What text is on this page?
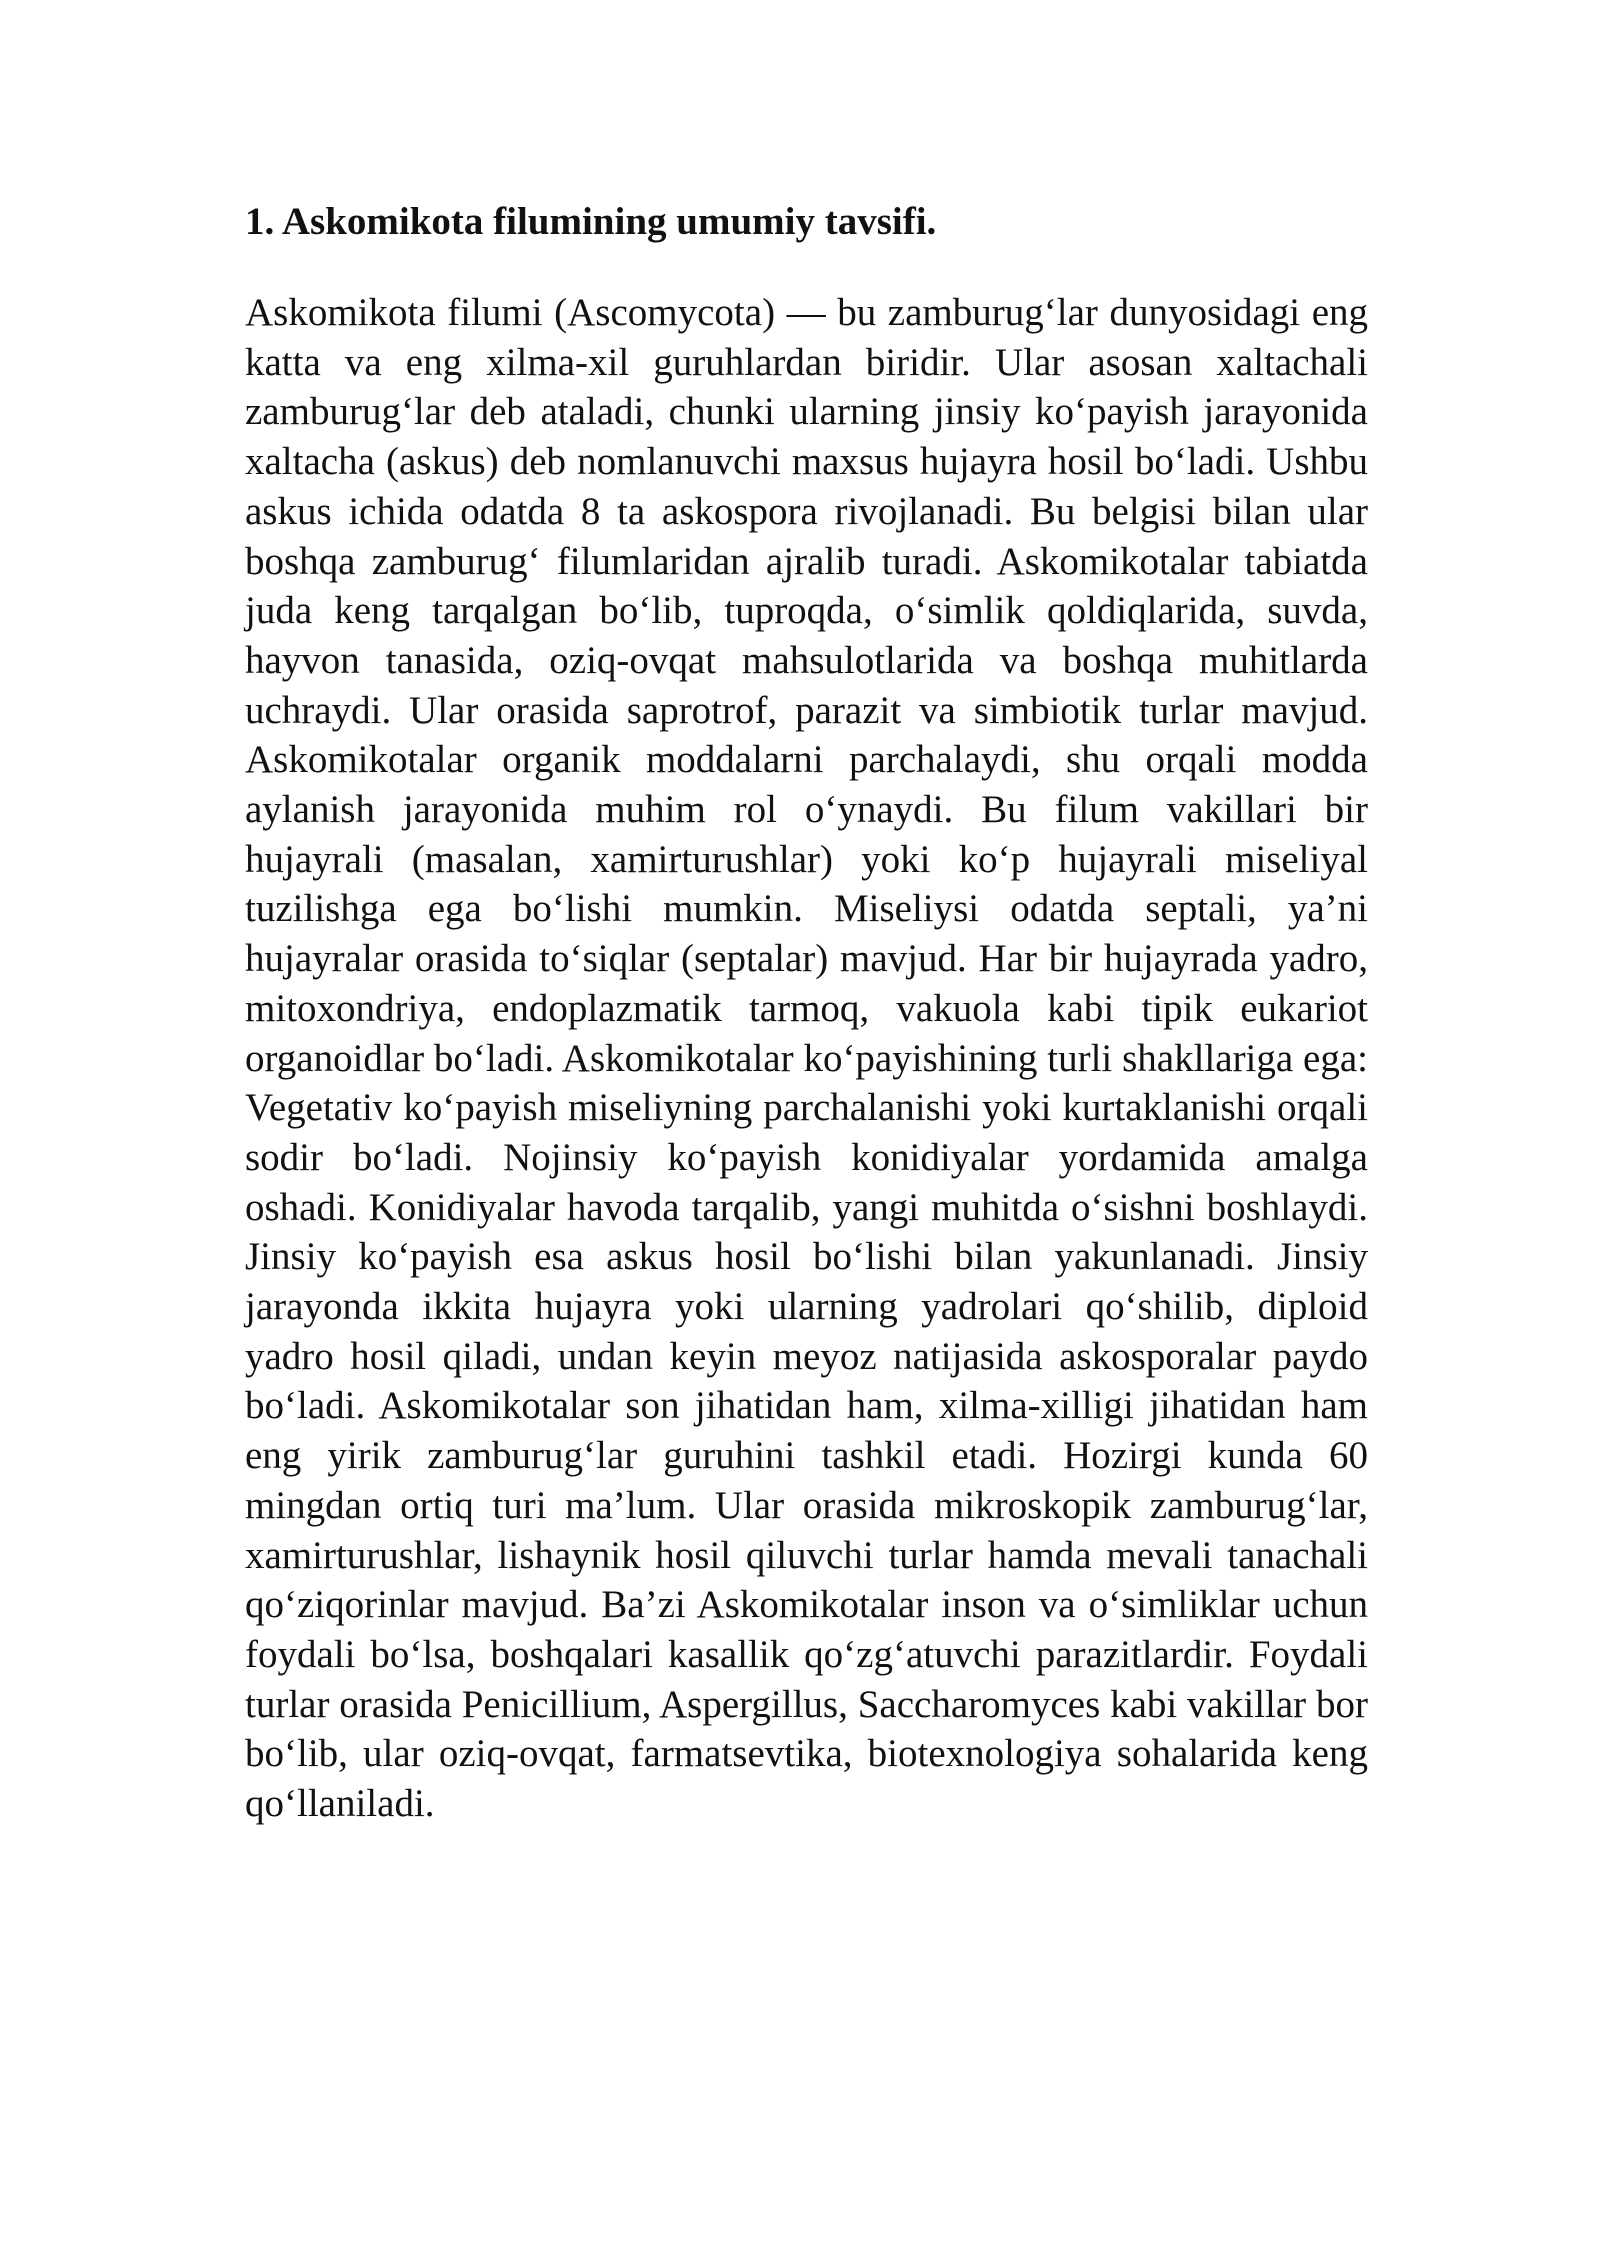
1. Askomikota filumining umumiy tavsifi.

Askomikota filumi (Ascomycota) — bu zamburug‘lar dunyosidagi eng katta va eng xilma-xil guruhlardan biridir. Ular asosan xaltachali zamburug‘lar deb ataladi, chunki ularning jinsiy ko‘payish jarayonida xaltacha (askus) deb nomlanuvchi maxsus hujayra hosil bo‘ladi. Ushbu askus ichida odatda 8 ta askospora rivojlanadi. Bu belgisi bilan ular boshqa zamburug‘ filumlaridan ajralib turadi. Askomikotalar tabiatda juda keng tarqalgan bo‘lib, tuproqda, o‘simlik qoldiqlarida, suvda, hayvon tanasida, oziq-ovqat mahsulotlarida va boshqa muhitlarda uchraydi. Ular orasida saprotrof, parazit va simbiotik turlar mavjud. Askomikotalar organik moddalarni parchalaydi, shu orqali modda aylanish jarayonida muhim rol o‘ynaydi. Bu filum vakillari bir hujayrali (masalan, xamirturushlar) yoki ko‘p hujayrali miseliyal tuzilishga ega bo‘lishi mumkin. Miseliysi odatda septali, ya’ni hujayralar orasida to‘siqlar (septalar) mavjud. Har bir hujayrada yadro, mitoxondriya, endoplazmatik tarmoq, vakuola kabi tipik eukariot organoidlar bo‘ladi. Askomikotalar ko‘payishining turli shakllariga ega: Vegetativ ko‘payish miseliyning parchalanishi yoki kurtaklanishi orqali sodir bo‘ladi. Nojinsiy ko‘payish konidiyalar yordamida amalga oshadi. Konidiyalar havoda tarqalib, yangi muhitda o‘sishni boshlaydi. Jinsiy ko‘payish esa askus hosil bo‘lishi bilan yakunlanadi. Jinsiy jarayonda ikkita hujayra yoki ularning yadrolari qo‘shilib, diploid yadro hosil qiladi, undan keyin meyoz natijasida askosporalar paydo bo‘ladi. Askomikotalar son jihatidan ham, xilma-xilligi jihatidan ham eng yirik zamburug‘lar guruhini tashkil etadi. Hozirgi kunda 60 mingdan ortiq turi ma’lum. Ular orasida mikroskopik zamburug‘lar, xamirturushlar, lishaynik hosil qiluvchi turlar hamda mevali tanachali qo‘ziqorinlar mavjud. Ba’zi Askomikotalar inson va o‘simliklar uchun foydali bo‘lsa, boshqalari kasallik qo‘zg‘atuvchi parazitlardir. Foydali turlar orasida Penicillium, Aspergillus, Saccharomyces kabi vakillar bor bo‘lib, ular oziq-ovqat, farmatsevtika, biotexnologiya sohalarida keng qo‘llaniladi.
